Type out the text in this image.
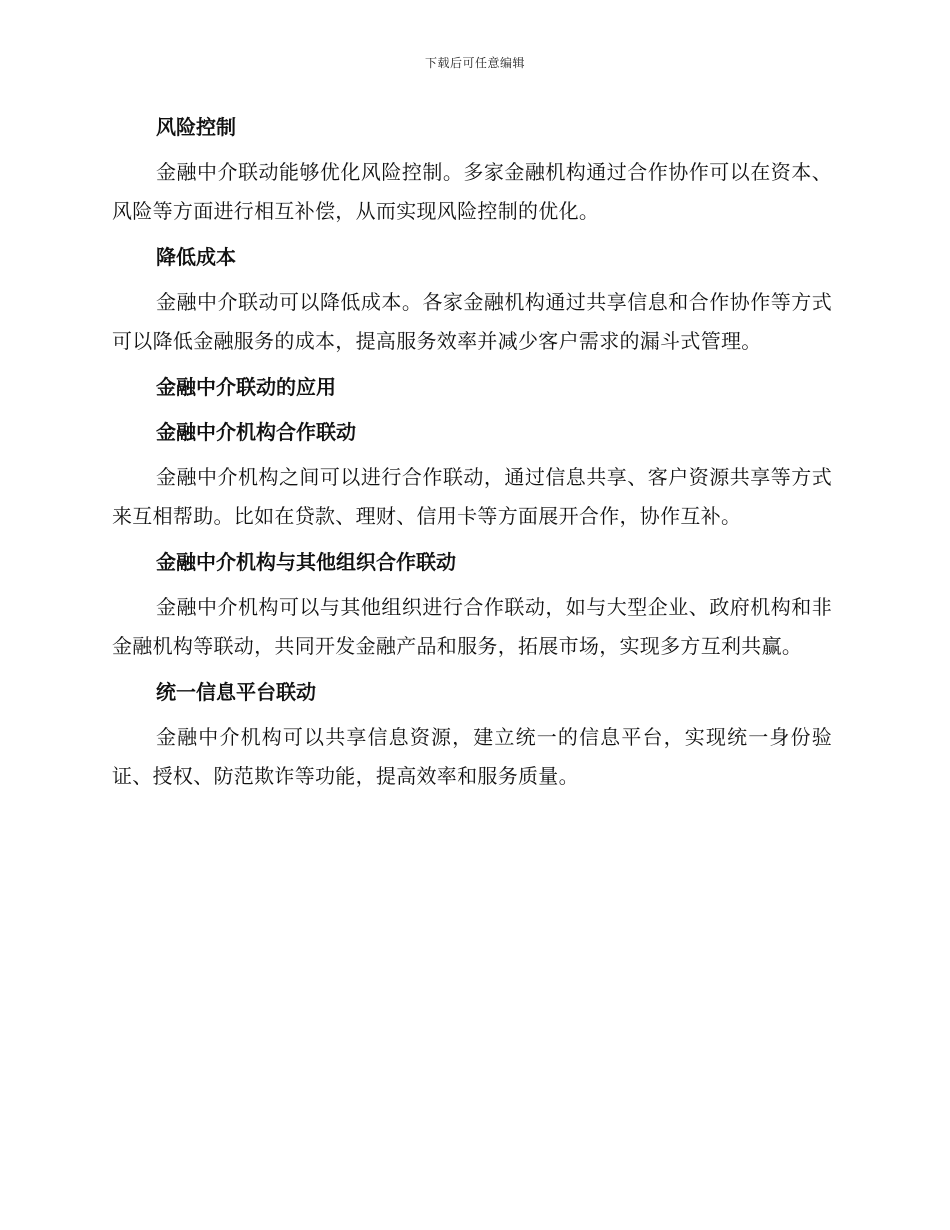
下载后可任意编辑
风险控制

金融中介联动能够优化风险控制。多家金融机构通过合作协作可以在资本、风险等方面进行相互补偿，从而实现风险控制的优化。

降低成本

金融中介联动可以降低成本。各家金融机构通过共享信息和合作协作等方式可以降低金融服务的成本，提高服务效率并减少客户需求的漏斗式管理。

金融中介联动的应用
金融中介机构合作联动

金融中介机构之间可以进行合作联动，通过信息共享、客户资源共享等方式来互相帮助。比如在贷款、理财、信用卡等方面展开合作，协作互补。

金融中介机构与其他组织合作联动

金融中介机构可以与其他组织进行合作联动，如与大型企业、政府机构和非金融机构等联动，共同开发金融产品和服务，拓展市场，实现多方互利共赢。

统一信息平台联动

金融中介机构可以共享信息资源，建立统一的信息平台，实现统一身份验证、授权、防范欺诈等功能，提高效率和服务质量。
